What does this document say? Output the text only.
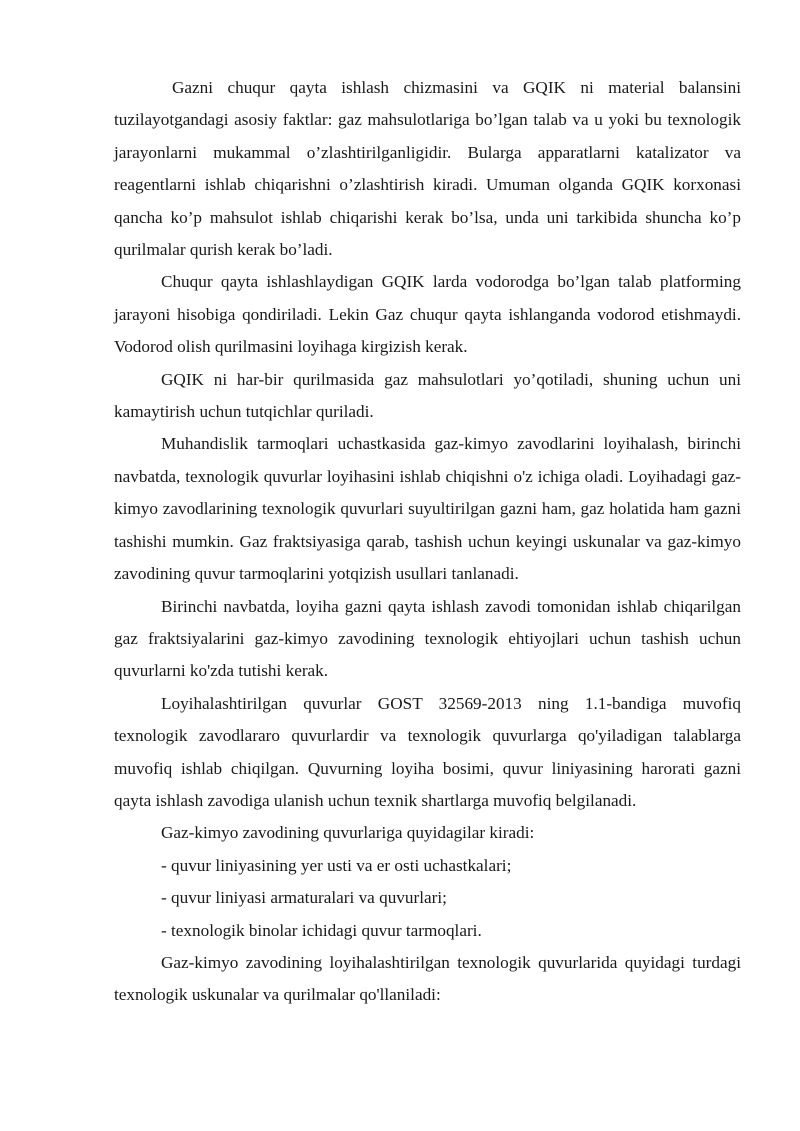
Gazni chuqur qayta ishlash chizmasini va GQIK ni material balansini tuzilayotgandagi asosiy faktlar: gaz mahsulotlariga bo’lgan talab va u yoki bu texnologik jarayonlarni mukammal o’zlashtirilganligidir. Bularga apparatlarni katalizator va reagentlarni ishlab chiqarishni o’zlashtirish kiradi. Umuman olganda GQIK korxonasi qancha ko’p mahsulot ishlab chiqarishi kerak bo’lsa, unda uni tarkibida shuncha ko’p qurilmalar qurish kerak bo’ladi.

Chuqur qayta ishlashlaydigan GQIK larda vodorodga bo’lgan talab platforming jarayoni hisobiga qondiriladi. Lekin Gaz chuqur qayta ishlanganda vodorod etishmaydi. Vodorod olish qurilmasini loyihaga kirgizish kerak.

GQIK ni har-bir qurilmasida gaz mahsulotlari yo’qotiladi, shuning uchun uni kamaytirish uchun tutqichlar quriladi.

Muhandislik tarmoqlari uchastkasida gaz-kimyo zavodlarini loyihalash, birinchi navbatda, texnologik quvurlar loyihasini ishlab chiqishni o'z ichiga oladi. Loyihadagi gaz-kimyo zavodlarining texnologik quvurlari suyultirilgan gazni ham, gaz holatida ham gazni tashishi mumkin. Gaz fraktsiyasiga qarab, tashish uchun keyingi uskunalar va gaz-kimyo zavodining quvur tarmoqlarini yotqizish usullari tanlanadi.

Birinchi navbatda, loyiha gazni qayta ishlash zavodi tomonidan ishlab chiqarilgan gaz fraktsiyalarini gaz-kimyo zavodining texnologik ehtiyojlari uchun tashish uchun quvurlarni ko'zda tutishi kerak.

Loyihalashtirilgan quvurlar GOST 32569-2013 ning 1.1-bandiga muvofiq texnologik zavodlararo quvurlardir va texnologik quvurlarga qo'yiladigan talablarga muvofiq ishlab chiqilgan. Quvurning loyiha bosimi, quvur liniyasining harorati gazni qayta ishlash zavodiga ulanish uchun texnik shartlarga muvofiq belgilanadi.

Gaz-kimyo zavodining quvurlariga quyidagilar kiradi:

- quvur liniyasining yer usti va er osti uchastkalari;

- quvur liniyasi armaturalari va quvurlari;

- texnologik binolar ichidagi quvur tarmoqlari.

Gaz-kimyo zavodining loyihalashtirilgan texnologik quvurlarida quyidagi turdagi texnologik uskunalar va qurilmalar qo'llaniladi:
